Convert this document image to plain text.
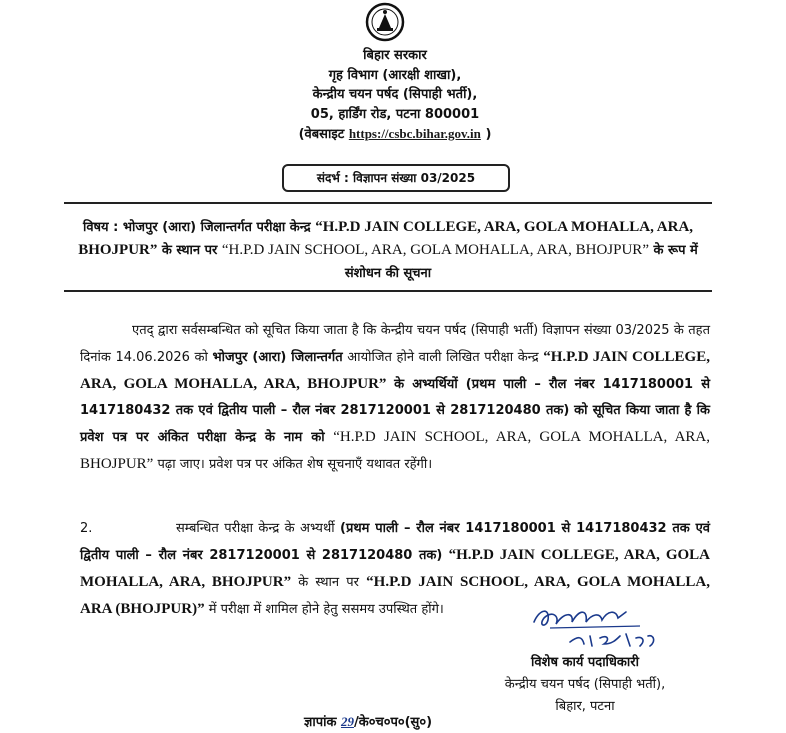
बिहार सरकार
गृह विभाग (आरक्षी शाखा),
केन्द्रीय चयन पर्षद (सिपाही भर्ती),
05, हार्डिंग रोड, पटना 800001
(वेबसाइट https://csbc.bihar.gov.in )
संदर्भ : विज्ञापन संख्या 03/2025
विषय : भोजपुर (आरा) जिलान्तर्गत परीक्षा केन्द्र “H.P.D JAIN COLLEGE, ARA, GOLA MOHALLA, ARA, BHOJPUR” के स्थान पर “H.P.D JAIN SCHOOL, ARA, GOLA MOHALLA, ARA, BHOJPUR” के रूप में संशोधन की सूचना
एतद् द्वारा सर्वसम्बन्धित को सूचित किया जाता है कि केन्द्रीय चयन पर्षद (सिपाही भर्ती) विज्ञापन संख्या 03/2025 के तहत दिनांक 14.06.2026 को भोजपुर (आरा) जिलान्तर्गत आयोजित होने वाली लिखित परीक्षा केन्द्र “H.P.D JAIN COLLEGE, ARA, GOLA MOHALLA, ARA, BHOJPUR” के अभ्यर्थियों (प्रथम पाली – रौल नंबर 1417180001 से 1417180432 तक एवं द्वितीय पाली – रौल नंबर 2817120001 से 2817120480 तक) को सूचित किया जाता है कि प्रवेश पत्र पर अंकित परीक्षा केन्द्र के नाम को “H.P.D JAIN SCHOOL, ARA, GOLA MOHALLA, ARA, BHOJPUR” पढ़ा जाए। प्रवेश पत्र पर अंकित शेष सूचनाएँ यथावत रहेंगी।
2.	सम्बन्धित परीक्षा केन्द्र के अभ्यर्थी (प्रथम पाली – रौल नंबर 1417180001 से 1417180432 तक एवं द्वितीय पाली – रौल नंबर 2817120001 से 2817120480 तक) “H.P.D JAIN COLLEGE, ARA, GOLA MOHALLA, ARA, BHOJPUR” के स्थान पर “H.P.D JAIN SCHOOL, ARA, GOLA MOHALLA, ARA (BHOJPUR)” में परीक्षा में शामिल होने हेतु ससमय उपस्थित होंगे।
विशेष कार्य पदाधिकारी
केन्द्रीय चयन पर्षद (सिपाही भर्ती),
बिहार, पटना
ज्ञापांक 29/के०च०प०(सु०)
